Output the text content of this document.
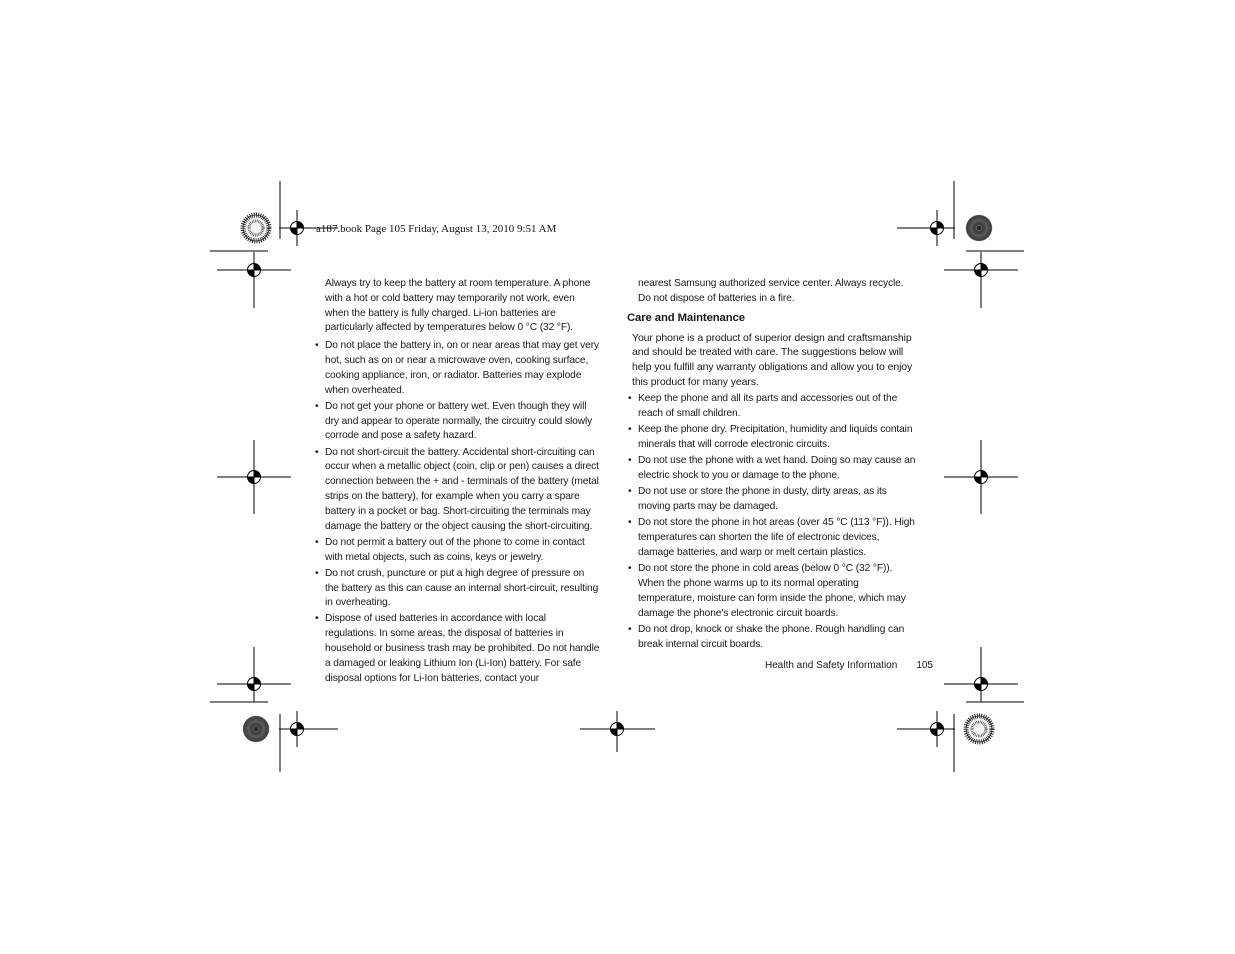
a187.book Page 105 Friday, August 13, 2010 9:51 AM

Always try to keep the battery at room temperature. A phone with a hot or cold battery may temporarily not work, even when the battery is fully charged. Li-ion batteries are particularly affected by temperatures below 0 °C (32 °F).

• Do not place the battery in, on or near areas that may get very hot, such as on or near a microwave oven, cooking surface, cooking appliance, iron, or radiator. Batteries may explode when overheated.
• Do not get your phone or battery wet. Even though they will dry and appear to operate normally, the circuitry could slowly corrode and pose a safety hazard.
• Do not short-circuit the battery. Accidental short-circuiting can occur when a metallic object (coin, clip or pen) causes a direct connection between the + and - terminals of the battery (metal strips on the battery), for example when you carry a spare battery in a pocket or bag. Short-circuiting the terminals may damage the battery or the object causing the short-circuiting.
• Do not permit a battery out of the phone to come in contact with metal objects, such as coins, keys or jewelry.
• Do not crush, puncture or put a high degree of pressure on the battery as this can cause an internal short-circuit, resulting in overheating.
• Dispose of used batteries in accordance with local regulations. In some areas, the disposal of batteries in household or business trash may be prohibited. Do not handle a damaged or leaking Lithium Ion (Li-Ion) battery. For safe disposal options for Li-Ion batteries, contact your

nearest Samsung authorized service center. Always recycle. Do not dispose of batteries in a fire.

Care and Maintenance

Your phone is a product of superior design and craftsmanship and should be treated with care. The suggestions below will help you fulfill any warranty obligations and allow you to enjoy this product for many years.

• Keep the phone and all its parts and accessories out of the reach of small children.
• Keep the phone dry. Precipitation, humidity and liquids contain minerals that will corrode electronic circuits.
• Do not use the phone with a wet hand. Doing so may cause an electric shock to you or damage to the phone.
• Do not use or store the phone in dusty, dirty areas, as its moving parts may be damaged.
• Do not store the phone in hot areas (over 45 °C (113 °F)). High temperatures can shorten the life of electronic devices, damage batteries, and warp or melt certain plastics.
• Do not store the phone in cold areas (below 0 °C (32 °F)). When the phone warms up to its normal operating temperature, moisture can form inside the phone, which may damage the phone's electronic circuit boards.
• Do not drop, knock or shake the phone. Rough handling can break internal circuit boards.
Health and Safety Information 105
